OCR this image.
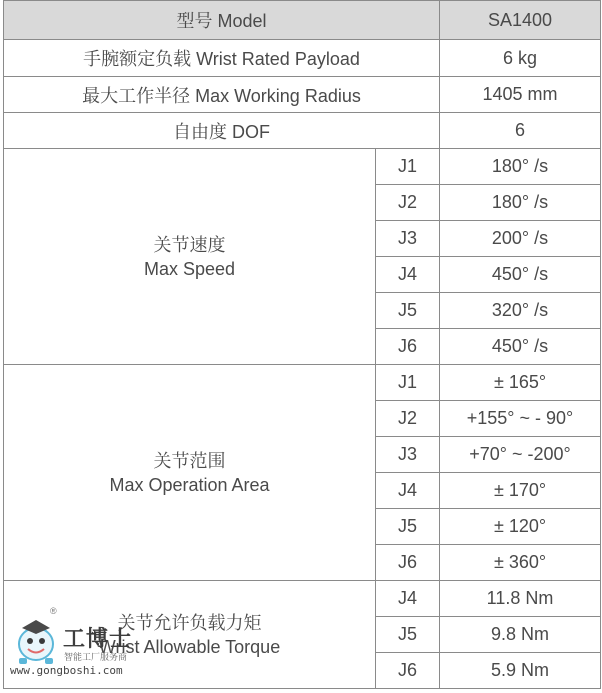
型号 Model		SA1400
手腕额定负载 Wrist Rated Payload		6 kg
最大工作半径 Max Working Radius		1405 mm
自由度 DOF		6

关节速度
Max Speed	J1	180° /s
	J2	180° /s
	J3	200° /s
	J4	450° /s
	J5	320° /s
	J6	450° /s

关节范围
Max Operation Area	J1	± 165°
	J2	+155° ~ - 90°
	J3	+70° ~ -200°
	J4	± 170°
	J5	± 120°
	J6	± 360°

关节允许负载力矩
Wrist Allowable Torque	J4	11.8 Nm
	J5	9.8 Nm
	J6	5.9 Nm
®
工博士
智能工厂服务商
www.gongboshi.com
